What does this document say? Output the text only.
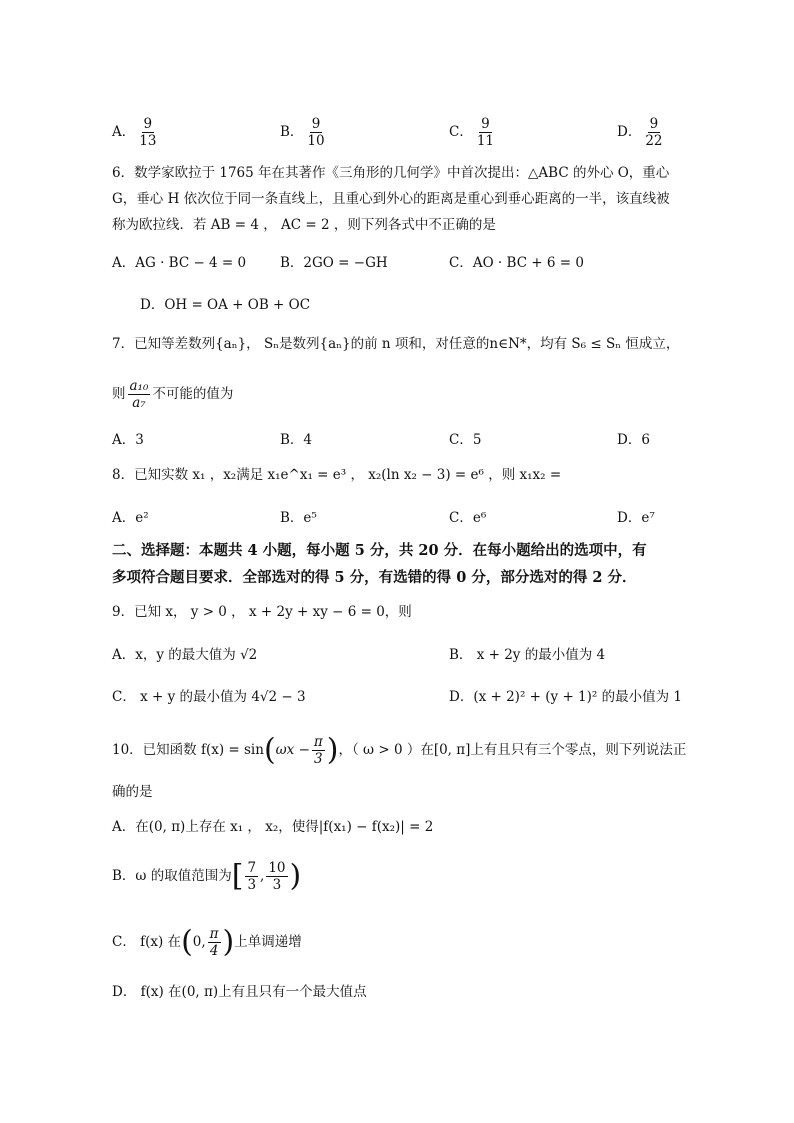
A． $\frac{9}{13}$	B． $\frac{9}{10}$	C． $\frac{9}{11}$	D． $\frac{9}{22}$
6．数学家欧拉于 1765 年在其著作《三角形的几何学》中首次提出：△ABC 的外心 O，重心
G，垂心 H 依次位于同一条直线上，且重心到外心的距离是重心到垂心距离的一半，该直线被
称为欧拉线．若 AB = 4 ， AC = 2 ，则下列各式中不正确的是
A．AG · BC − 4 = 0	B．2GO = −GH	C．AO · BC + 6 = 0
D．OH = OA + OB + OC
7．已知等差数列{aₙ}， Sₙ是数列{aₙ}的前 n 项和，对任意的n∈N*，均有 S₆ ≤ Sₙ 恒成立，
则 $\frac{\text{a₁₀}}{\text{a₇}}$ 不可能的值为
A．3	B．4	C．5	D．6
8．已知实数 x₁ ，x₂满足 x₁e^x₁ = e³ ， x₂(ln x₂ − 3) = e⁶ ，则 x₁x₂ =
A．e²	B．e⁵	C．e⁶	D．e⁷
二、选择题：本题共 4 小题，每小题 5 分，共 20 分．在每小题给出的选项中，有
多项符合题目要求．全部选对的得 5 分，有选错的得 0 分，部分选对的得 2 分．
9．已知 x， y > 0 ， x + 2y + xy − 6 = 0，则
A．x，y 的最大值为 √2	B． x + 2y 的最小值为 4
C． x + y 的最小值为 4√2 − 3	D．(x + 2)² + (y + 1)² 的最小值为 1
10．已知函数 $f(x) = \sin(\omega x - \frac{\pi}{3}$ )，（ ω > 0 ）在[0, π]上有且只有三个零点，则下列说法正
确的是
A．在(0, π)上存在 x₁ ， x₂，使得|f(x₁) − f(x₂)| = 2
B．ω 的取值范围为[ $\frac{7}{3}$ , $\frac{10}{3}$ )
C． f(x) 在(0, $\frac{\pi}{4}$ )上单调递增
D． f(x) 在(0, π)上有且只有一个最大值点
